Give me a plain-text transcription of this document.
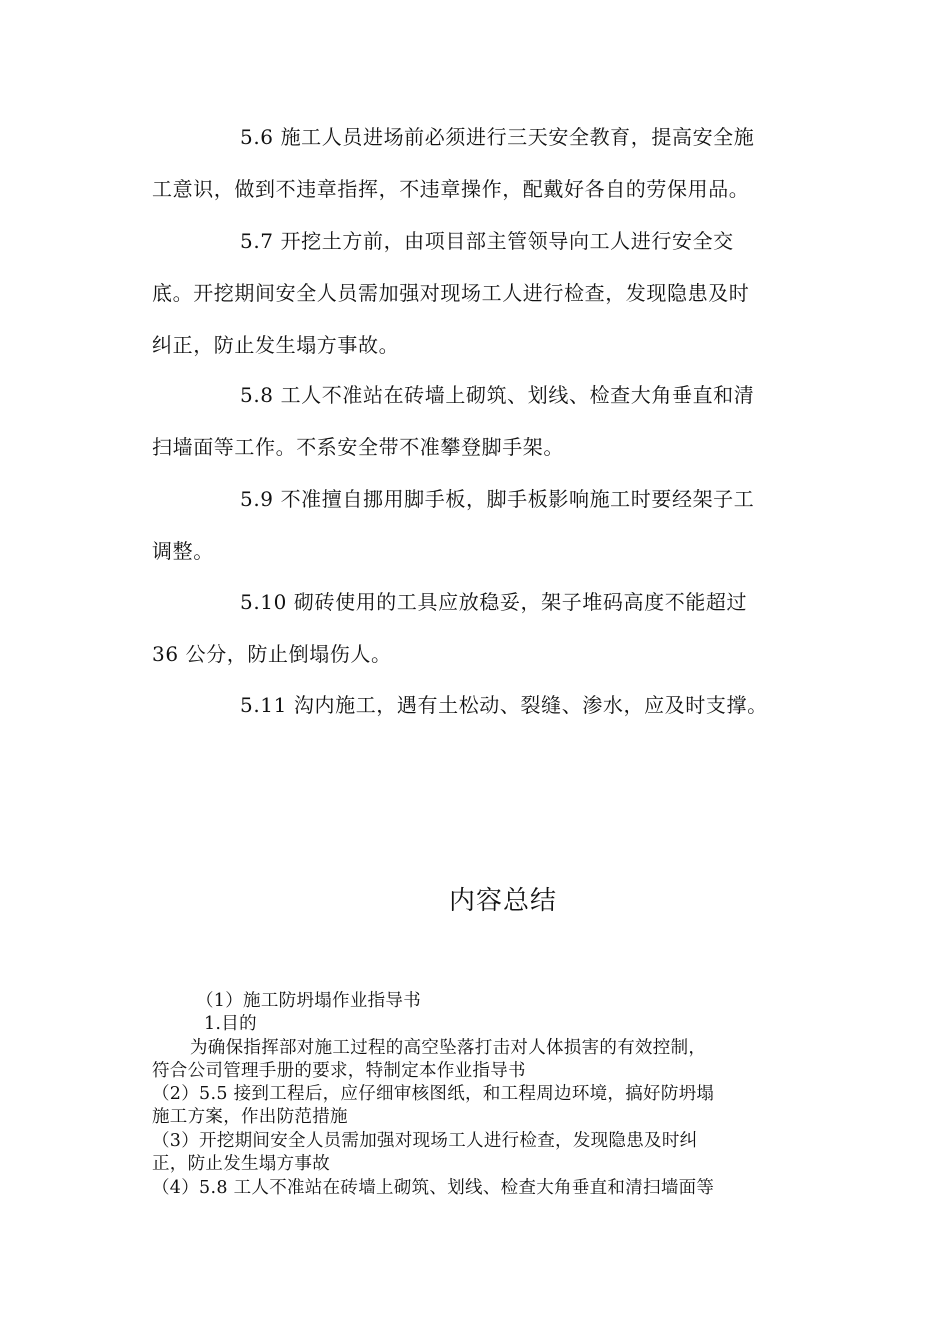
5.6 施工人员进场前必须进行三天安全教育，提高安全施
工意识，做到不违章指挥，不违章操作，配戴好各自的劳保用品。
5.7 开挖土方前，由项目部主管领导向工人进行安全交
底。开挖期间安全人员需加强对现场工人进行检查，发现隐患及时
纠正，防止发生塌方事故。
5.8 工人不准站在砖墙上砌筑、划线、检查大角垂直和清
扫墙面等工作。不系安全带不准攀登脚手架。
5.9 不准擅自挪用脚手板，脚手板影响施工时要经架子工
调整。
5.10 砌砖使用的工具应放稳妥，架子堆码高度不能超过
36 公分，防止倒塌伤人。
5.11 沟内施工，遇有土松动、裂缝、渗水，应及时支撑。
内容总结
（1）施工防坍塌作业指导书
1.目的
为确保指挥部对施工过程的高空坠落打击对人体损害的有效控制，
符合公司管理手册的要求，特制定本作业指导书
（2）5.5 接到工程后，应仔细审核图纸，和工程周边环境，搞好防坍塌
施工方案，作出防范措施
（3）开挖期间安全人员需加强对现场工人进行检查，发现隐患及时纠
正，防止发生塌方事故
（4）5.8 工人不准站在砖墙上砌筑、划线、检查大角垂直和清扫墙面等
